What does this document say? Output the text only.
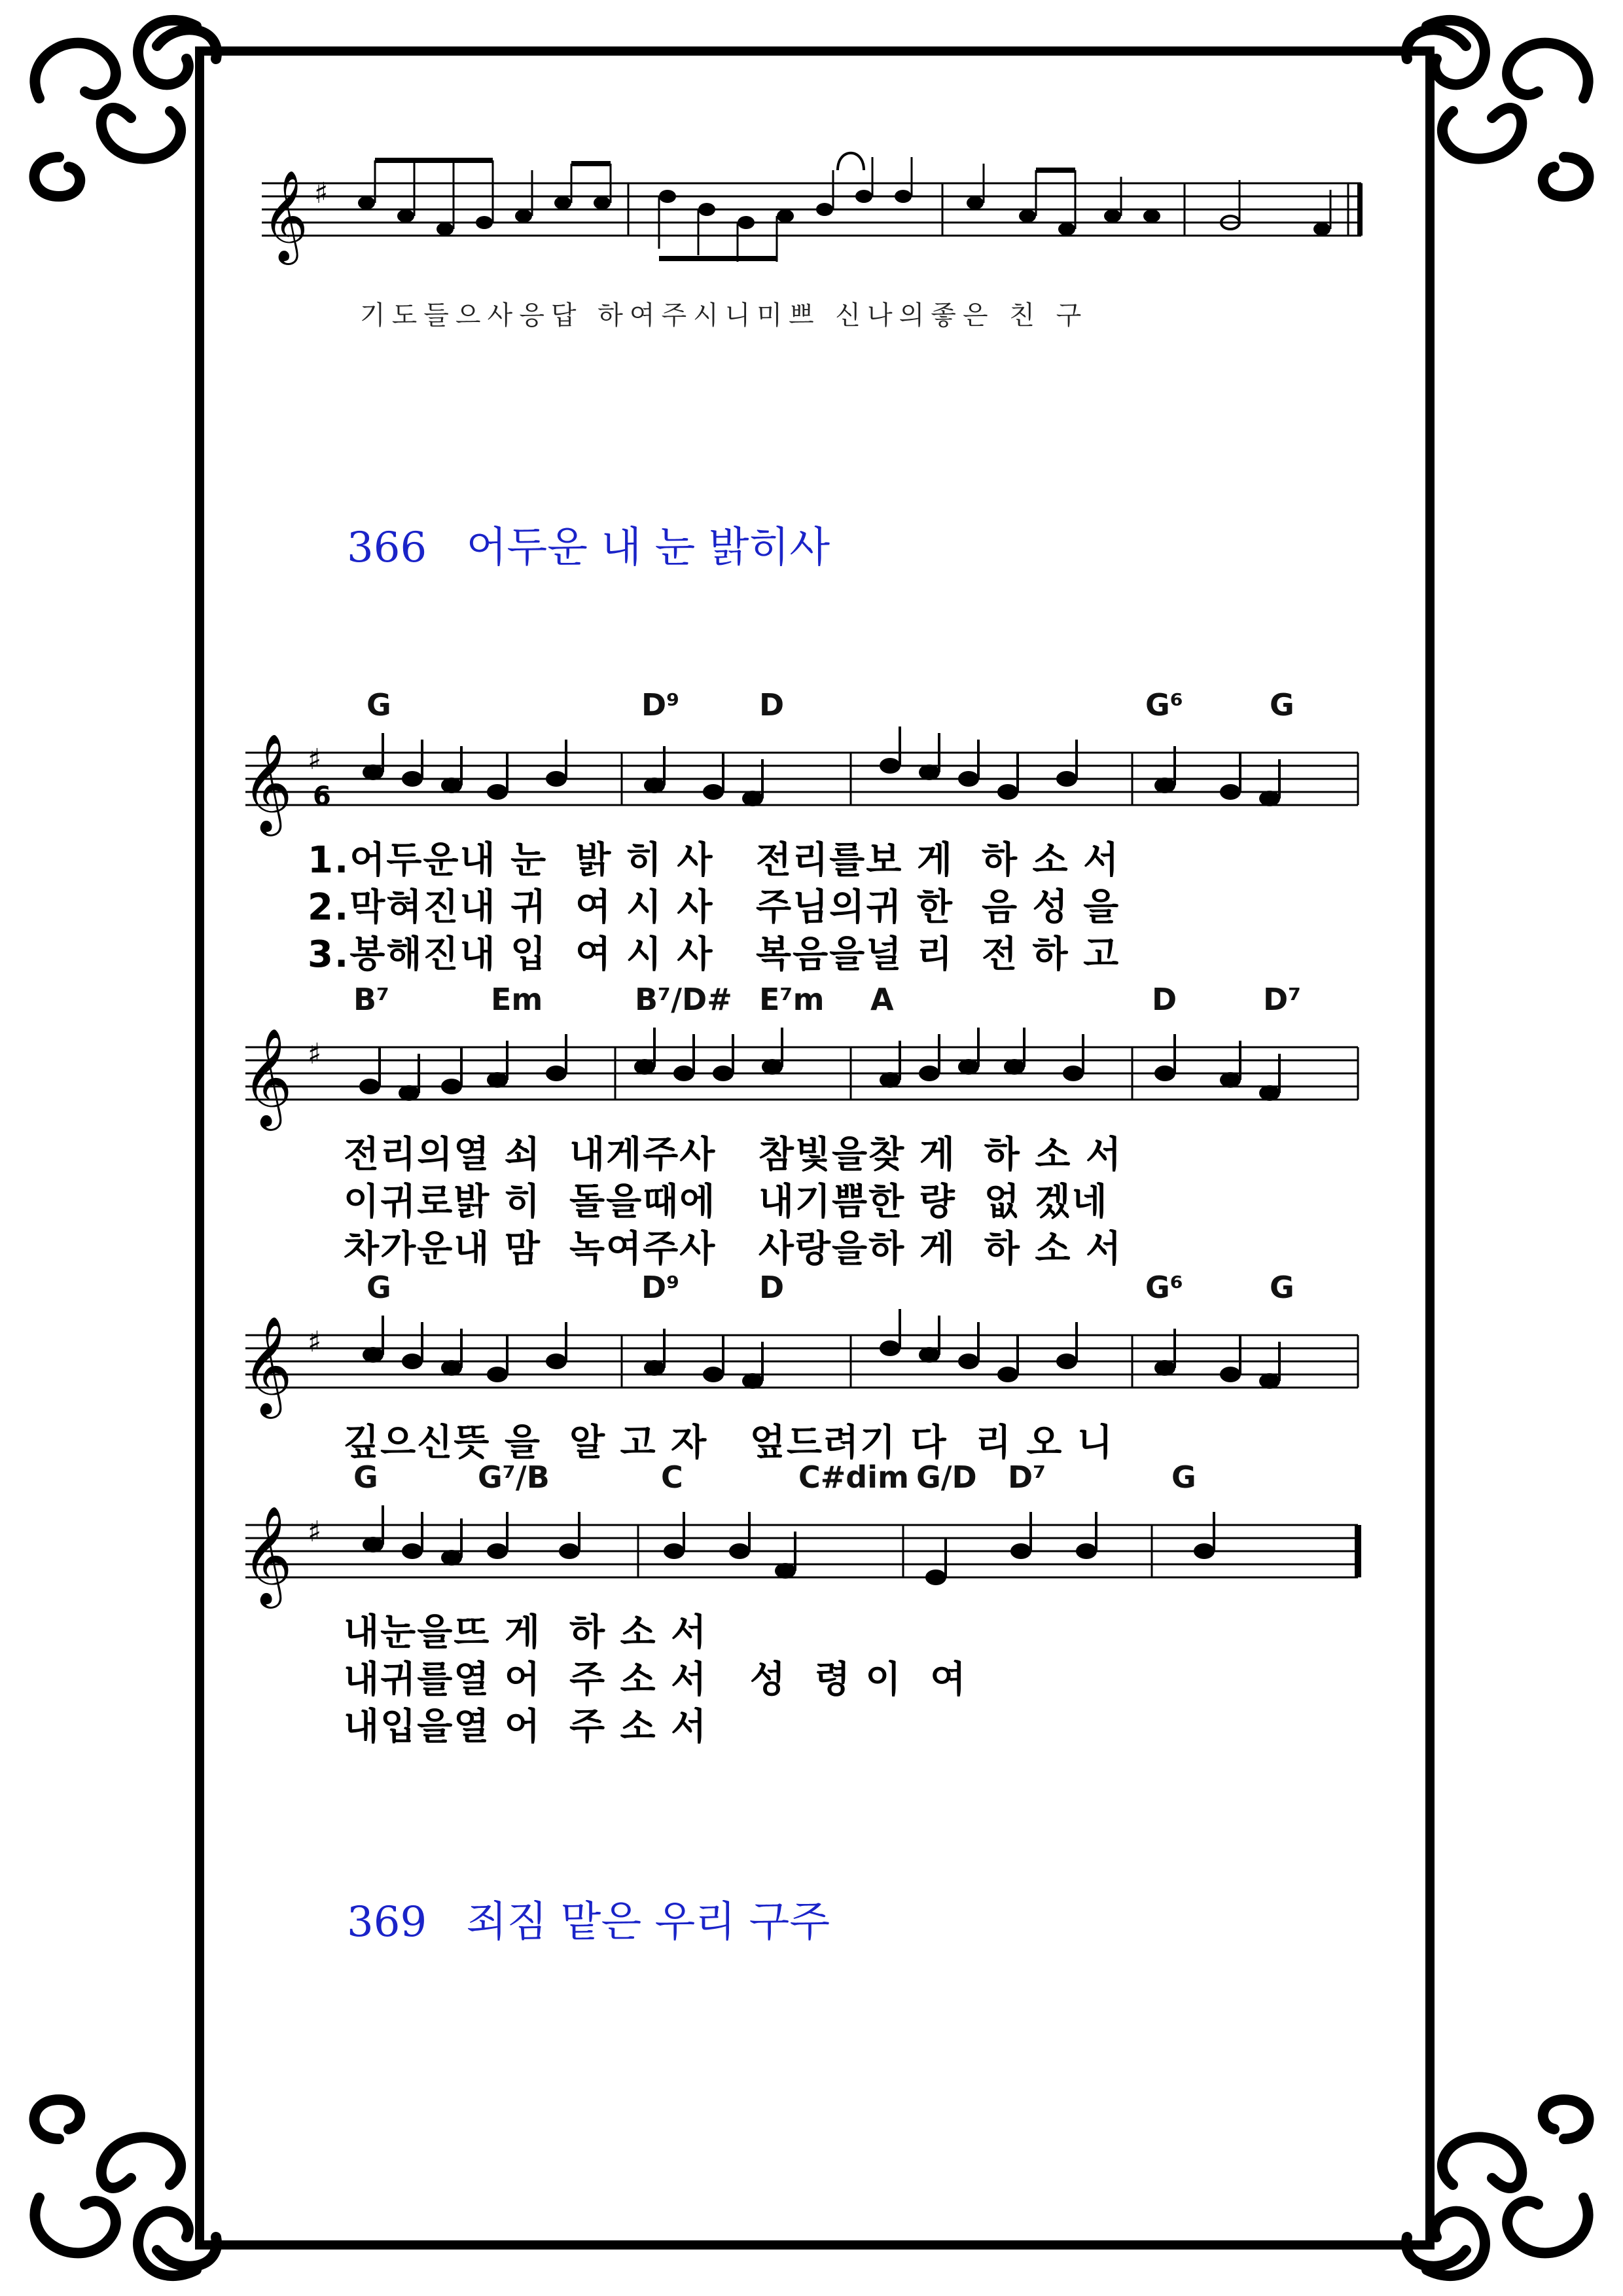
𝄞 ♯
기도들으사응답 하여주시니미쁘 신나의좋은 친 구
366 어두운 내 눈 밝히사
𝄞 ♯
6
G	D⁹	D	G⁶	G
1.어두운내 눈  밝 히 사   전리를보 게  하 소 서
2.막혀진내 귀  여 시 사   주님의귀 한  음 성 을
3.봉해진내 입  여 시 사   복음을널 리  전 하 고
𝄞 ♯
B⁷	Em	B⁷/D# E⁷m A	D	D⁷
전리의열 쇠  내게주사   참빛을찾 게  하 소 서
이귀로밝 히  돌을때에   내기쁨한 량  없 겠네
차가운내 맘  녹여주사   사랑을하 게  하 소 서
𝄞 ♯
G	D⁹	D	G⁶	G
깊으신뜻 을  알 고 자   엎드려기 다  리 오 니
𝄞 ♯
G	G⁷/B	C	C#dim G/D D⁷	G
내눈을뜨 게  하 소 서
내귀를열 어  주 소 서   성  령 이  여
내입을열 어  주 소 서
369 죄짐 맡은 우리 구주
